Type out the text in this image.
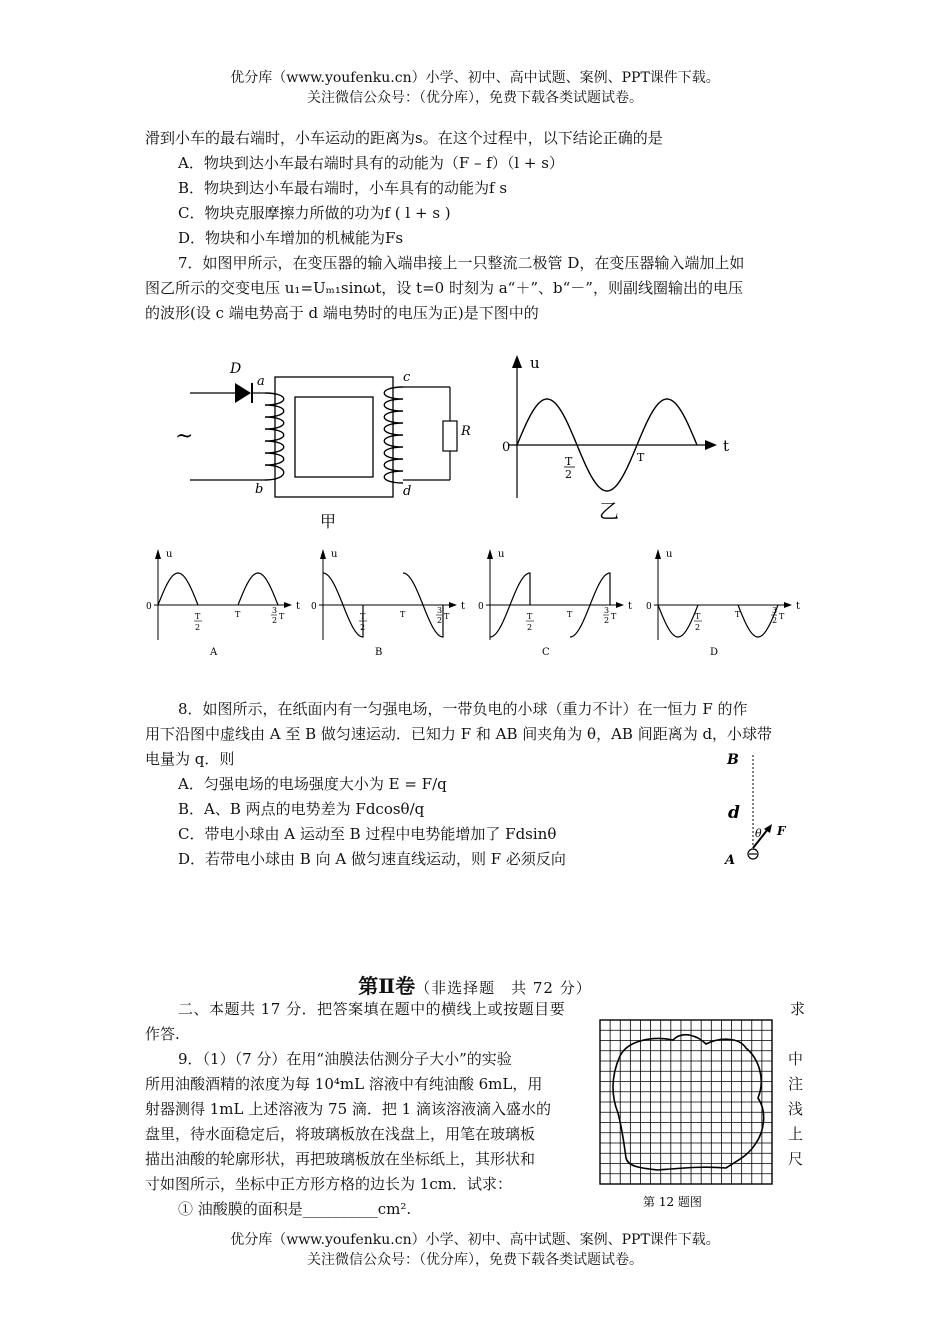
优分库（www.youfenku.cn）小学、初中、高中试题、案例、PPT课件下载。
关注微信公众号：（优分库），免费下载各类试题试卷。
滑到小车的最右端时，小车运动的距离为s。在这个过程中，以下结论正确的是
A．物块到达小车最右端时具有的动能为（F – f）（l + s）
B．物块到达小车最右端时，小车具有的动能为f s
C．物块克服摩擦力所做的功为f ( l + s )
D．物块和小车增加的机械能为Fs
7．如图甲所示，在变压器的输入端串接上一只整流二极管 D，在变压器输入端加上如
图乙所示的交变电压 u₁=Uₘ₁sinωt，设 t=0 时刻为 a“＋”、b“－”，则副线圈输出的电压
的波形(设 c 端电势高于 d 端电势时的电压为正)是下图中的
~
D
a
b
R
c
d
甲
u
t
0
T
2
T
乙
u
t
0
T
2
T	3
2 T
A
u
t
0
T
2
T	3
2 T
B
u
t
0
T
2
T	3
2 T
C
u
t
0
T
2
T	3
2 T
D
8．如图所示，在纸面内有一匀强电场，一带负电的小球（重力不计）在一恒力 F 的作
用下沿图中虚线由 A 至 B 做匀速运动．已知力 F 和 AB 间夹角为 θ，AB 间距离为 d，小球带
电量为 q．则
A．匀强电场的电场强度大小为 E = F/q
B．A、B 两点的电势差为 Fdcosθ/q
C．带电小球由 A 运动至 B 过程中电势能增加了 Fdsinθ
D．若带电小球由 B 向 A 做匀速直线运动，则 F 必须反向
B
d
θ F
A
第Ⅱ卷（非选择题　共 72 分）
二、本题共 17 分．把答案填在题中的横线上或按题目要	求
作答.
9．（1）（7 分）在用“油膜法估测分子大小”的实验	中
所用油酸酒精的浓度为每 10⁴mL 溶液中有纯油酸 6mL，用	注
射器测得 1mL 上述溶液为 75 滴．把 1 滴该溶液滴入盛水的	浅
盘里，待水面稳定后，将玻璃板放在浅盘上，用笔在玻璃板	上
描出油酸的轮廓形状，再把玻璃板放在坐标纸上，其形状和	尺
寸如图所示，坐标中正方形方格的边长为 1cm．试求：
① 油酸膜的面积是__________cm².	第 12 题图
优分库（www.youfenku.cn）小学、初中、高中试题、案例、PPT课件下载。
关注微信公众号：（优分库），免费下载各类试题试卷。
